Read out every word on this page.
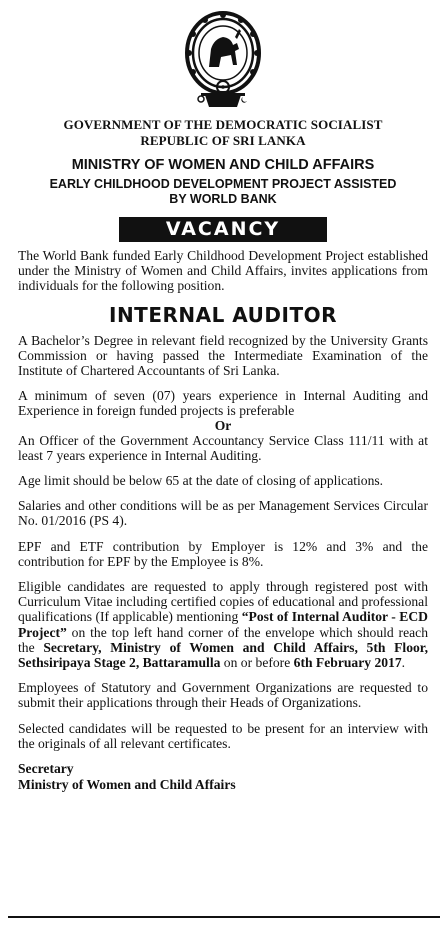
GOVERNMENT OF THE DEMOCRATIC SOCIALIST
REPUBLIC OF SRI LANKA
MINISTRY OF WOMEN AND CHILD AFFAIRS
EARLY CHILDHOOD DEVELOPMENT PROJECT ASSISTED
BY WORLD BANK
VACANCY

The World Bank funded Early Childhood Development Project established under the Ministry of Women and Child Affairs, invites applications from individuals for the following position.

INTERNAL AUDITOR

A Bachelor’s Degree in relevant field recognized by the University Grants Commission or having passed the Intermediate Examination of the Institute of Chartered Accountants of Sri Lanka.

A minimum of seven (07) years experience in Internal Auditing and Experience in foreign funded projects is preferable

Or

An Officer of the Government Accountancy Service Class 111/11 with at least 7 years experience in Internal Auditing.

Age limit should be below 65 at the date of closing of applications.

Salaries and other conditions will be as per Management Services Circular No. 01/2016 (PS 4).

EPF and ETF contribution by Employer is 12% and 3% and the contribution for EPF by the Employee is 8%.

Eligible candidates are requested to apply through registered post with Curriculum Vitae including certified copies of educational and professional qualifications (If applicable) mentioning “Post of Internal Auditor - ECD Project” on the top left hand corner of the envelope which should reach the Secretary, Ministry of Women and Child Affairs, 5th Floor, Sethsiripaya Stage 2, Battaramulla on or before 6th February 2017.

Employees of Statutory and Government Organizations are requested to submit their applications through their Heads of Organizations.

Selected candidates will be requested to be present for an interview with the originals of all relevant certificates.

Secretary
Ministry of Women and Child Affairs
